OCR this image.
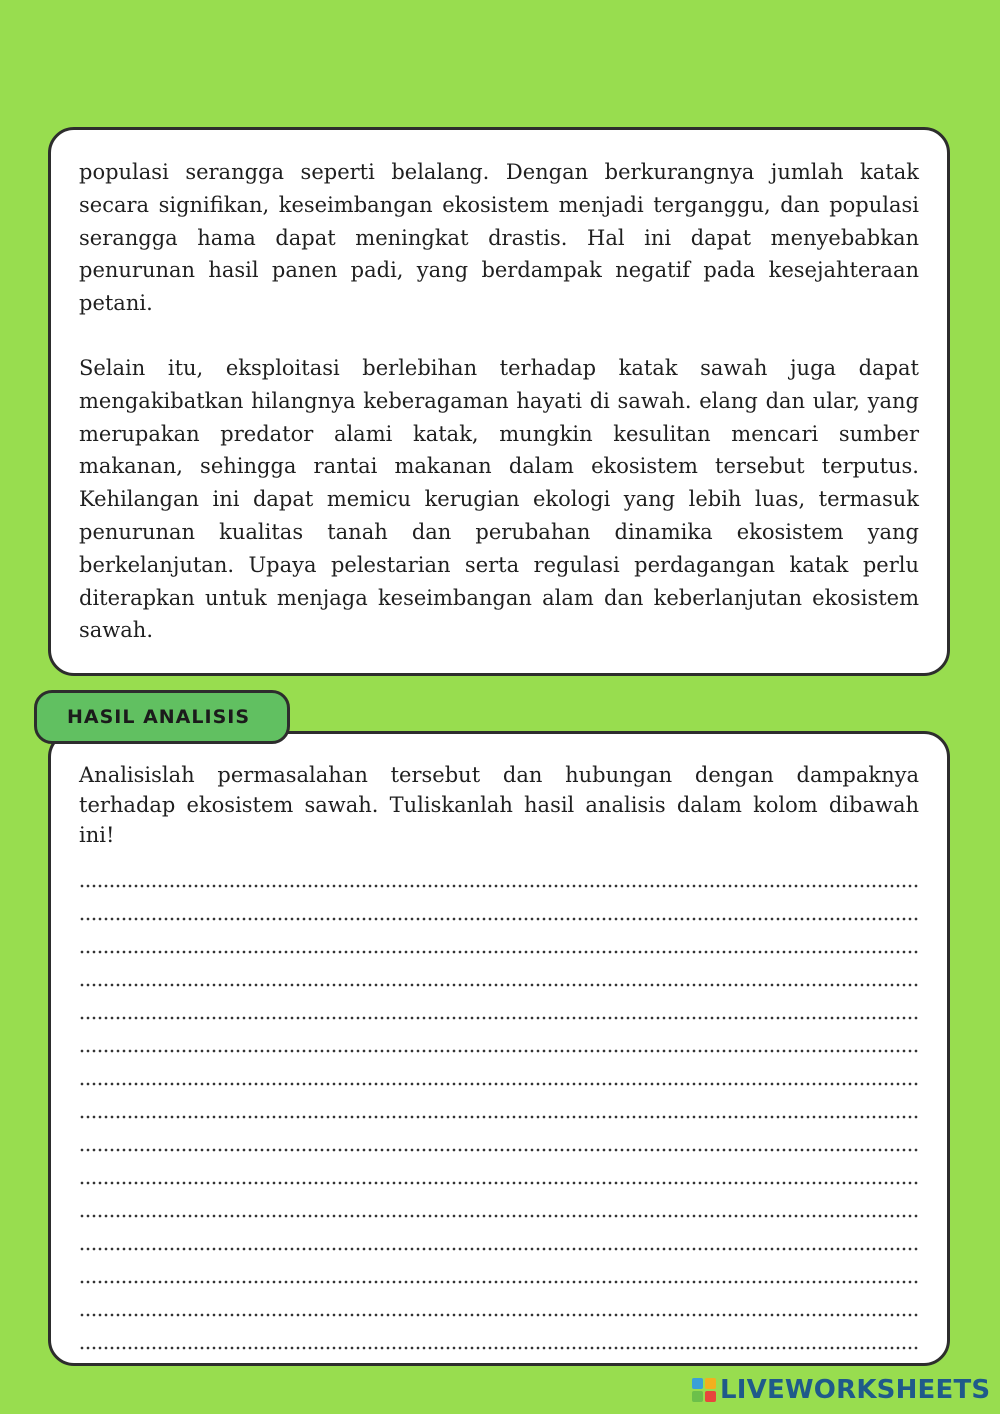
populasi serangga seperti belalang. Dengan berkurangnya jumlah katak secara signifikan, keseimbangan ekosistem menjadi terganggu, dan populasi serangga hama dapat meningkat drastis. Hal ini dapat menyebabkan penurunan hasil panen padi, yang berdampak negatif pada kesejahteraan petani.

Selain itu, eksploitasi berlebihan terhadap katak sawah juga dapat mengakibatkan hilangnya keberagaman hayati di sawah. elang dan ular, yang merupakan predator alami katak, mungkin kesulitan mencari sumber makanan, sehingga rantai makanan dalam ekosistem tersebut terputus. Kehilangan ini dapat memicu kerugian ekologi yang lebih luas, termasuk penurunan kualitas tanah dan perubahan dinamika ekosistem yang berkelanjutan. Upaya pelestarian serta regulasi perdagangan katak perlu diterapkan untuk menjaga keseimbangan alam dan keberlanjutan ekosistem sawah.

HASIL ANALISIS

Analisislah permasalahan tersebut dan hubungan dengan dampaknya terhadap ekosistem sawah. Tuliskanlah hasil analisis dalam kolom dibawah ini!

LIVEWORKSHEETS
